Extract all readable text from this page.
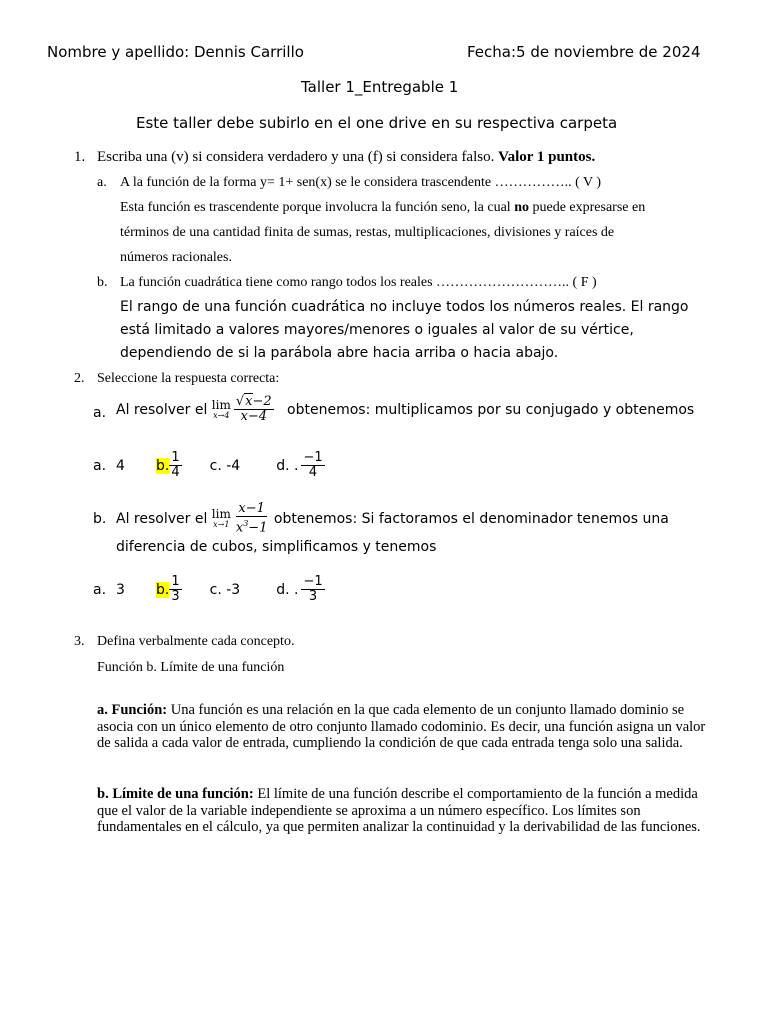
Nombre y apellido: Dennis Carrillo	Fecha:5 de noviembre de 2024
Taller 1_Entregable 1
Este taller debe subirlo en el one drive en su respectiva carpeta
1. Escriba una (v) si considera verdadero y una (f) si considera falso. Valor 1 puntos.
a. A la función de la forma y= 1+ sen(x) se le considera trascendente …………….. ( V )
Esta función es trascendente porque involucra la función seno, la cual no puede expresarse en
términos de una cantidad finita de sumas, restas, multiplicaciones, divisiones y raíces de
números racionales.
b. La función cuadrática tiene como rango todos los reales ……………………….. ( F )
El rango de una función cuadrática no incluye todos los números reales. El rango
está limitado a valores mayores/menores o iguales al valor de su vértice,
dependiendo de si la parábola abre hacia arriba o hacia abajo.
2. Seleccione la respuesta correcta:
a. Al resolver el
lim
$x\to 4 \frac{√x-2}{x-4}$
obtenemos: multiplicamos por su conjugado y obtenemos
a. 4	b. $\frac{1}{4} c$. -4	d. . $\frac{-1}{4}$
b. Al resolver el
lim
$x\to 1 \frac{x-1}{x^3-1}$
obtenemos: Si factoramos el denominador tenemos una
diferencia de cubos, simplificamos y tenemos
a. 3	b. $\frac{1}{3} c$. -3	d. . $\frac{-1}{3}$
3. Defina verbalmente cada concepto.
Función b. Límite de una función
a. Función: Una función es una relación en la que cada elemento de un conjunto llamado dominio se asocia con un único elemento de otro conjunto llamado codominio. Es decir, una función asigna un valor de salida a cada valor de entrada, cumpliendo la condición de que cada entrada tenga solo una salida.
b. Límite de una función: El límite de una función describe el comportamiento de la función a medida que el valor de la variable independiente se aproxima a un número específico. Los límites son fundamentales en el cálculo, ya que permiten analizar la continuidad y la derivabilidad de las funciones.
